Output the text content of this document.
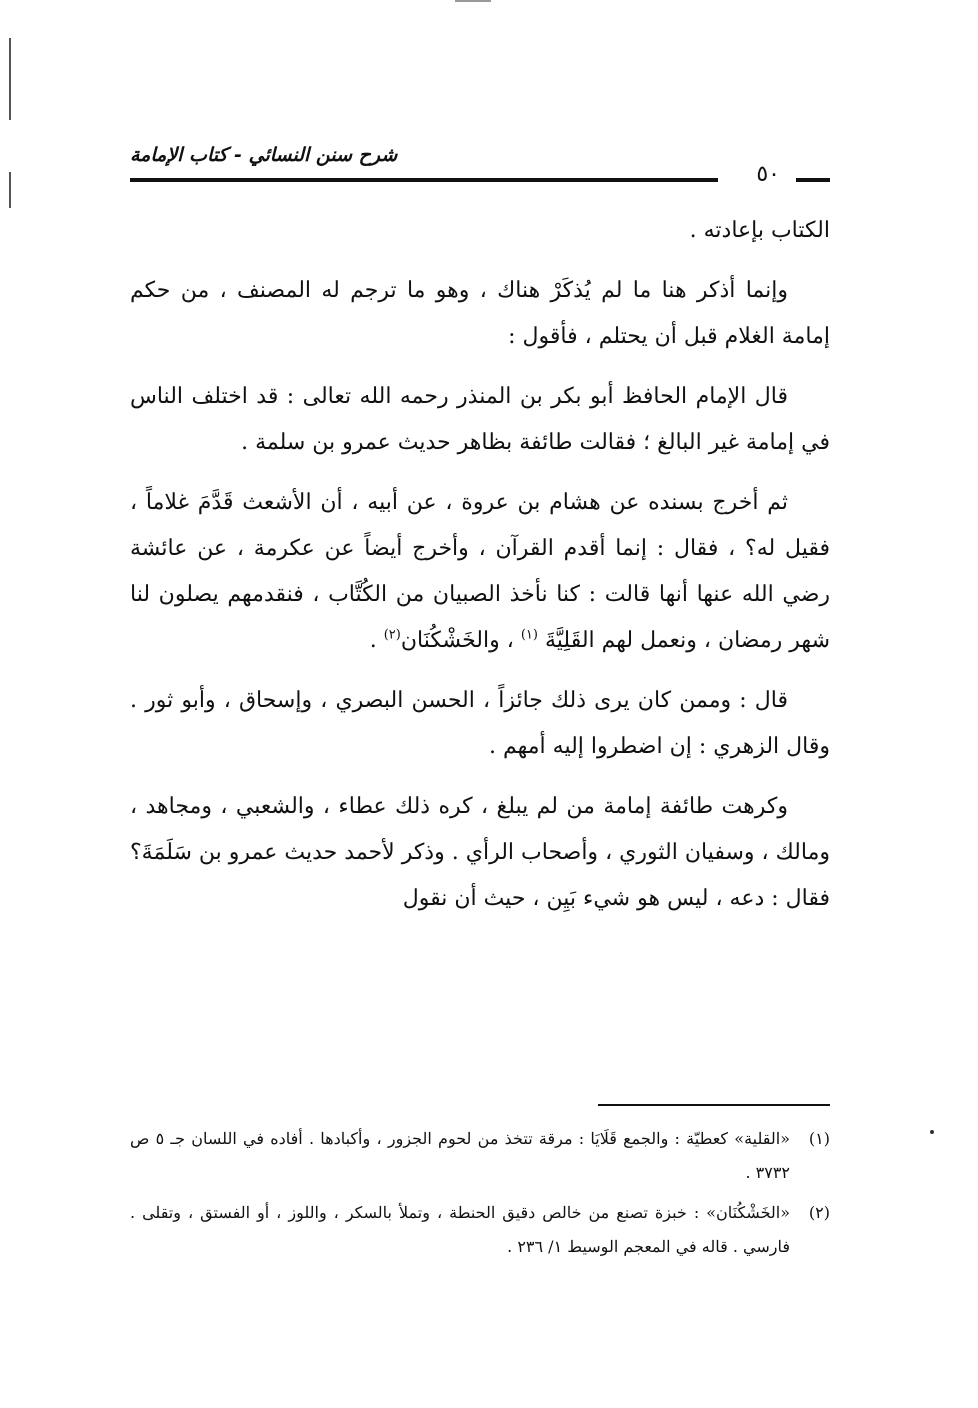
٥٠
شرح سنن النسائي - كتاب الإمامة

الكتاب بإعادته .

وإنما أذكر هنا ما لم يُذكَرْ هناك ، وهو ما ترجم له المصنف ، من حكم إمامة الغلام قبل أن يحتلم ، فأقول :

قال الإمام الحافظ أبو بكر بن المنذر رحمه الله تعالى : قد اختلف الناس في إمامة غير البالغ ؛ فقالت طائفة بظاهر حديث عمرو بن سلمة .

ثم أخرج بسنده عن هشام بن عروة ، عن أبيه ، أن الأشعث قَدَّمَ غلاماً ، فقيل له؟ ، فقال : إنما أقدم القرآن ، وأخرج أيضاً عن عكرمة ، عن عائشة رضي الله عنها أنها قالت : كنا نأخذ الصبيان من الكُتَّاب ، فنقدمهم يصلون لنا شهر رمضان ، ونعمل لهم القَلِيَّةَ $^{(١)}$ ، والخَشْكُنَان$^{(٢)}$ .

قال : وممن كان يرى ذلك جائزاً ، الحسن البصري ، وإسحاق ، وأبو ثور . وقال الزهري : إن اضطروا إليه أمهم .

وكرهت طائفة إمامة من لم يبلغ ، كره ذلك عطاء ، والشعبي ، ومجاهد ، ومالك ، وسفيان الثوري ، وأصحاب الرأي . وذكر لأحمد حديث عمرو بن سَلَمَةَ؟ فقال : دعه ، ليس هو شيء بَيِن ، حيث أن نقول

(١)
«القلية» كعطيّة : والجمع قَلَايَا : مرقة تتخذ من لحوم الجزور ، وأكبادها . أفاده في اللسان جـ ٥ ص ٣٧٣٢ .

(٢)
«الخَشْكُنَان» : خبزة تصنع من خالص دقيق الحنطة ، وتملأ بالسكر ، واللوز ، أو الفستق ، وتقلى . فارسي . قاله في المعجم الوسيط ١/ ٢٣٦ .
